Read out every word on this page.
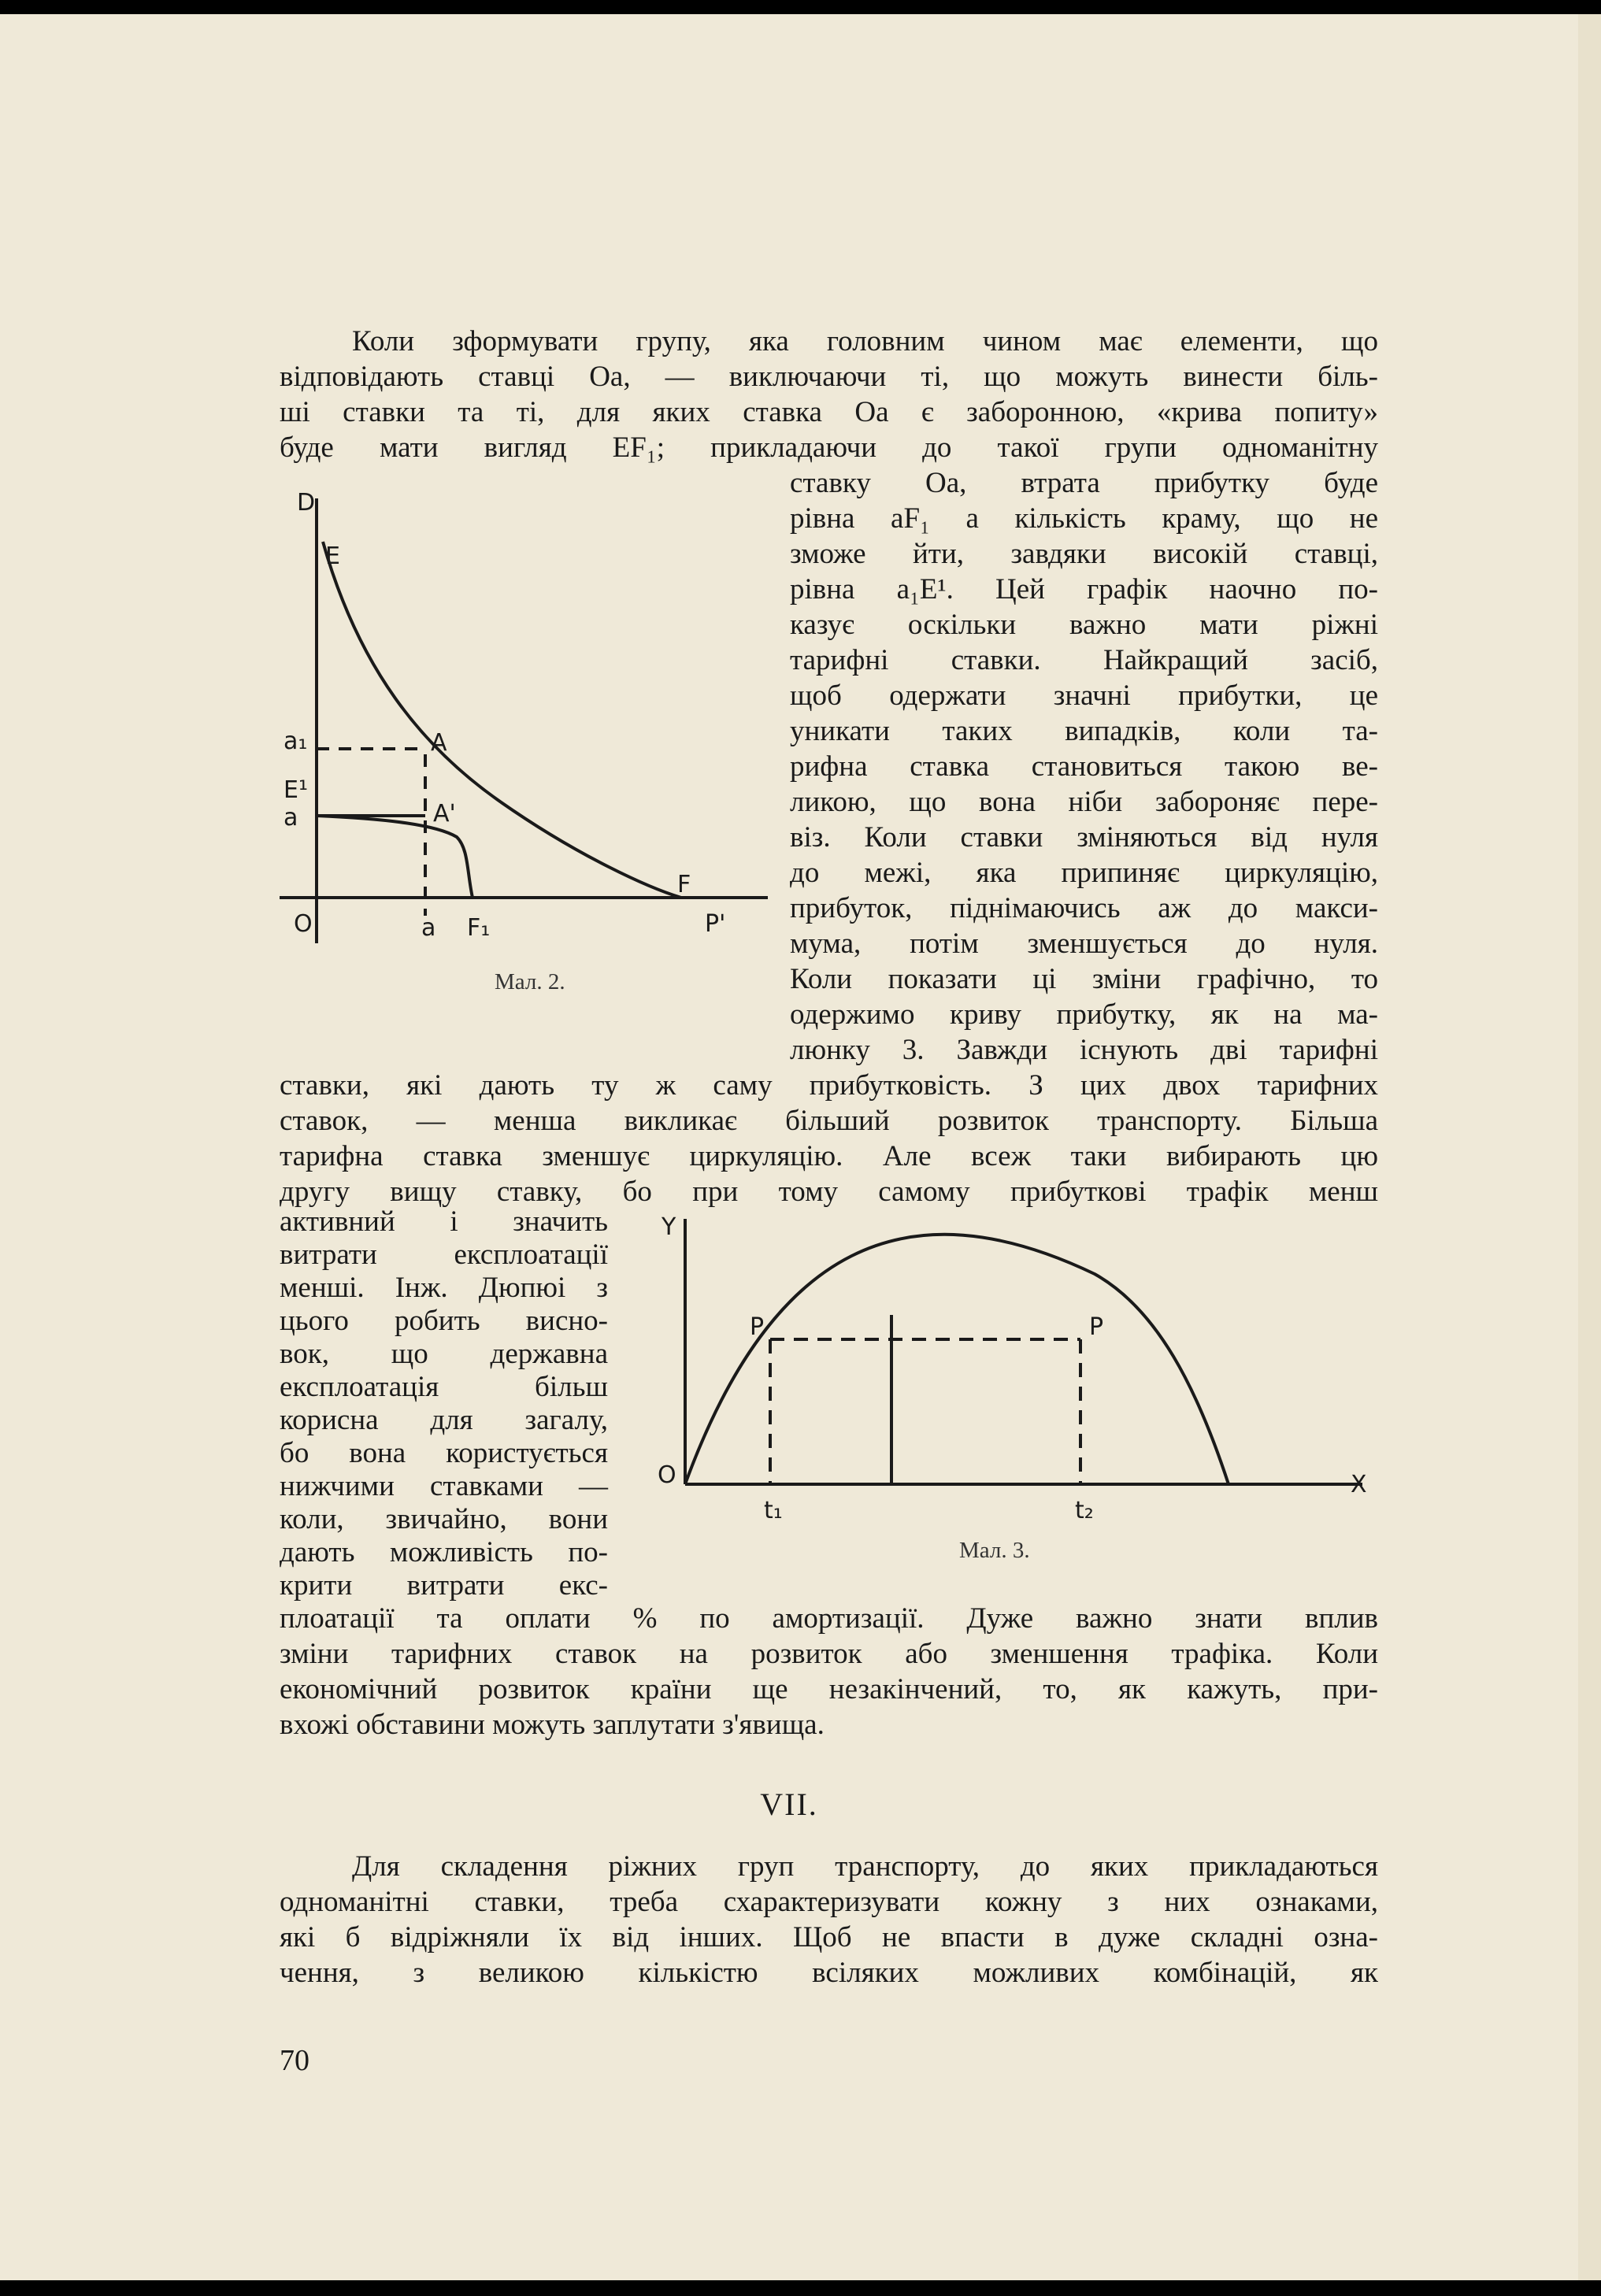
Коли зформувати групу, яка головним чином має елементи, що
відповідають ставці Оа, — виключаючи ті, що можуть винести біль-
ші ставки та ті, для яких ставка Оа є заборонною, «крива попиту»
буде мати вигляд EF₁; прикладаючи до такої групи одноманітну
ставку Оа, втрата прибутку буде
рівна aF₁ а кількість краму, що не
зможе йти, завдяки високій ставці,
рівна a₁E¹. Цей графік наочно по-
казує оскільки важно мати ріжні
тарифні ставки. Найкращий засіб,
щоб одержати значні прибутки, це
уникати таких випадків, коли та-
рифна ставка становиться такою ве-
ликою, що вона ніби забороняє пере-
віз. Коли ставки зміняються від нуля
до межі, яка припиняє циркуляцію,
прибуток, піднімаючись аж до макси-
мума, потім зменшується до нуля.
Коли показати ці зміни графічно, то
одержимо криву прибутку, як на ма-
люнку 3. Завжди існують дві тарифні
D
E
a₁
E¹
a
A
A'
O	a F₁
F
P'
Мал. 2.
ставки, які дають ту ж саму прибутковість. З цих двох тарифних
ставок, — менша викликає більший розвиток транспорту. Більша
тарифна ставка зменшує циркуляцію. Але всеж таки вибирають цю
другу вищу ставку, бо при тому самому прибуткові трафік менш
активний і значить
витрати експлоатації
менші. Інж. Дюпюі з
цього робить висно-
вок, що державна
експлоатація більш
корисна для загалу,
бо вона користується
нижчими ставками —
коли, звичайно, вони
дають можливість по-
крити витрати екс-
Y
O	X
P	P
t₁	t₂
Мал. 3.
плоатації та оплати % по амортизації. Дуже важно знати вплив
зміни тарифних ставок на розвиток або зменшення трафіка. Коли
економічний розвиток країни ще незакінчений, то, як кажуть, при-
вхожі обставини можуть заплутати з'явища.
VII.
Для складення ріжних груп транспорту, до яких прикладаються
одноманітні ставки, треба схарактеризувати кожну з них ознаками,
які б відріжняли їх від інших. Щоб не впасти в дуже складні озна-
чення, з великою кількістю всіляких можливих комбінацій, як
70
